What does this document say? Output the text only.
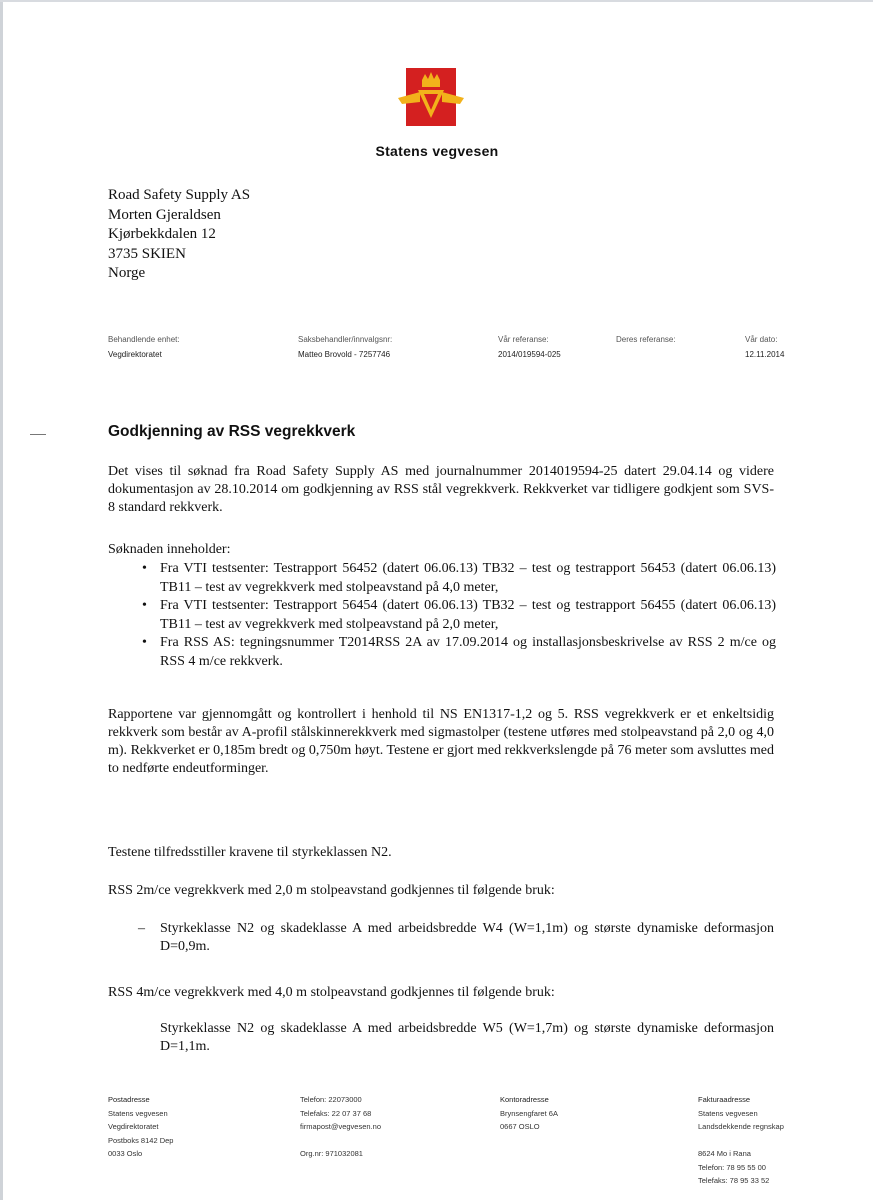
Statens vegvesen
Road Safety Supply AS
Morten Gjeraldsen
Kjørbekkdalen 12
3735 SKIEN
Norge
Behandlende enhet:
Vegdirektoratet
Saksbehandler/innvalgsnr:
Matteo Brovold - 7257746
Vår referanse:
2014/019594-025
Deres referanse:	Vår dato:
12.11.2014
Godkjenning av RSS vegrekkverk

Det vises til søknad fra Road Safety Supply AS med journalnummer 2014019594-25 datert 29.04.14 og videre dokumentasjon av 28.10.2014 om godkjenning av RSS stål vegrekkverk. Rekkverket var tidligere godkjent som SVS-8 standard rekkverk.

Søknaden inneholder:

• Fra VTI testsenter: Testrapport 56452 (datert 06.06.13) TB32 – test og testrapport 56453 (datert 06.06.13) TB11 – test av vegrekkverk med stolpeavstand på 4,0 meter,
• Fra VTI testsenter: Testrapport 56454 (datert 06.06.13) TB32 – test og testrapport 56455 (datert 06.06.13) TB11 – test av vegrekkverk med stolpeavstand på 2,0 meter,
• Fra RSS AS: tegningsnummer T2014RSS 2A av 17.09.2014 og installasjonsbeskrivelse av RSS 2 m/ce og RSS 4 m/ce rekkverk.

Rapportene var gjennomgått og kontrollert i henhold til NS EN1317-1,2 og 5. RSS vegrekkverk er et enkeltsidig rekkverk som består av A-profil stålskinnerekkverk med sigmastolper (testene utføres med stolpeavstand på 2,0 og 4,0 m). Rekkverket er 0,185m bredt og 0,750m høyt. Testene er gjort med rekkverkslengde på 76 meter som avsluttes med to nedførte endeutforminger.

Testene tilfredsstiller kravene til styrkeklassen N2.

RSS 2m/ce vegrekkverk med 2,0 m stolpeavstand godkjennes til følgende bruk:

–	Styrkeklasse N2 og skadeklasse A med arbeidsbredde W4 (W=1,1m) og største dynamiske deformasjon D=0,9m.

RSS 4m/ce vegrekkverk med 4,0 m stolpeavstand godkjennes til følgende bruk:

Styrkeklasse N2 og skadeklasse A med arbeidsbredde W5 (W=1,7m) og største dynamiske deformasjon D=1,1m.
Postadresse
Statens vegvesen
Vegdirektoratet
Postboks 8142 Dep
0033 Oslo
Telefon: 22073000
Telefaks: 22 07 37 68
firmapost@vegvesen.no
Org.nr: 971032081
Kontoradresse
Brynsengfaret 6A
0667 OSLO
Fakturaadresse
Statens vegvesen
Landsdekkende regnskap
8624 Mo i Rana
Telefon: 78 95 55 00
Telefaks: 78 95 33 52
